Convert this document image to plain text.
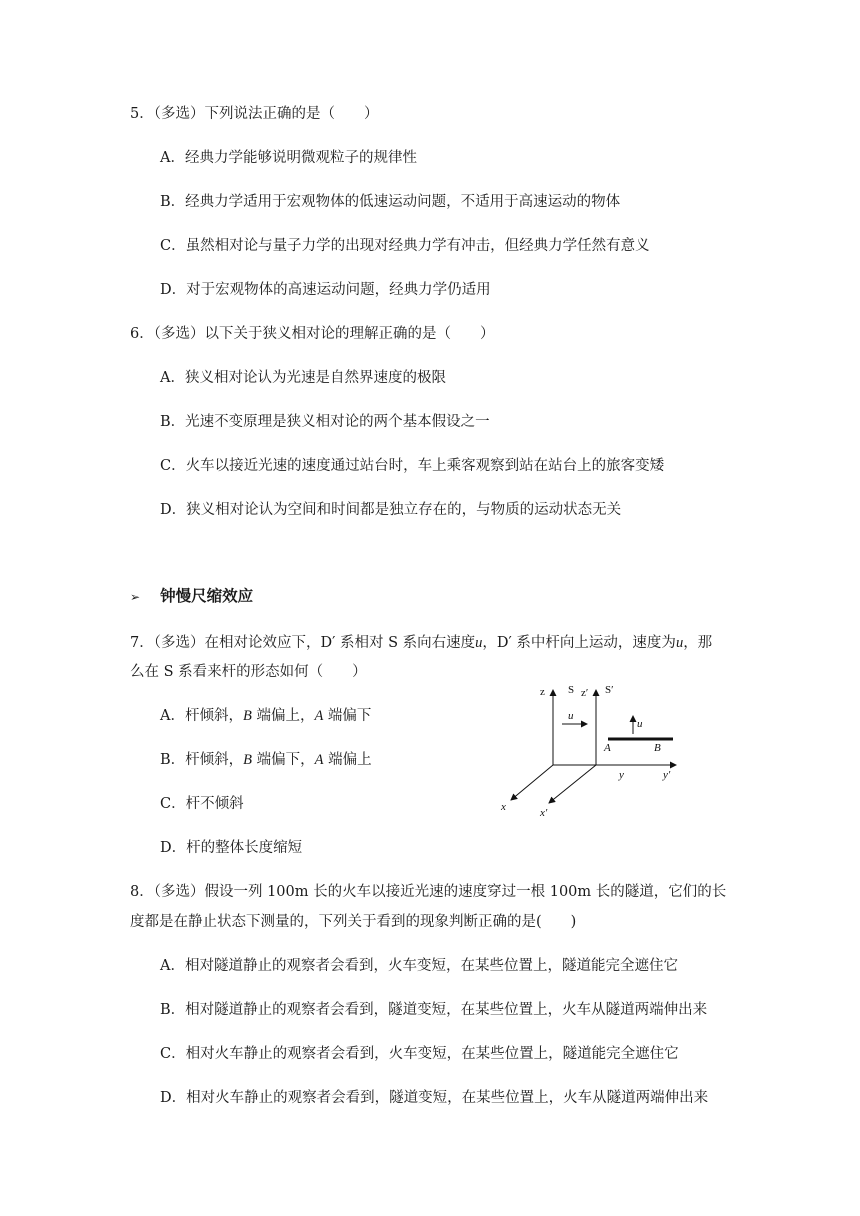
5．（多选）下列说法正确的是（　　）
A．经典力学能够说明微观粒子的规律性
B．经典力学适用于宏观物体的低速运动问题，不适用于高速运动的物体
C．虽然相对论与量子力学的出现对经典力学有冲击，但经典力学任然有意义
D．对于宏观物体的高速运动问题，经典力学仍适用
6．（多选）以下关于狭义相对论的理解正确的是（　　）
A．狭义相对论认为光速是自然界速度的极限
B．光速不变原理是狭义相对论的两个基本假设之一
C．火车以接近光速的速度通过站台时，车上乘客观察到站在站台上的旅客变矮
D．狭义相对论认为空间和时间都是独立存在的，与物质的运动状态无关
➢ 钟慢尺缩效应
7．（多选）在相对论效应下，D′ 系相对 S 系向右速度u，D′ 系中杆向上运动，速度为u，那
么在 S 系看来杆的形态如何（　　）
A．杆倾斜，B 端偏上，A 端偏下
B．杆倾斜，B 端偏下，A 端偏上
C．杆不倾斜
D．杆的整体长度缩短
z S z′ S′
u
u
A	B
y	y′
x	x′
8．（多选）假设一列 100m 长的火车以接近光速的速度穿过一根 100m 长的隧道，它们的长
度都是在静止状态下测量的，下列关于看到的现象判断正确的是(　　)
A．相对隧道静止的观察者会看到，火车变短，在某些位置上，隧道能完全遮住它
B．相对隧道静止的观察者会看到，隧道变短，在某些位置上，火车从隧道两端伸出来
C．相对火车静止的观察者会看到，火车变短，在某些位置上，隧道能完全遮住它
D．相对火车静止的观察者会看到，隧道变短，在某些位置上，火车从隧道两端伸出来
